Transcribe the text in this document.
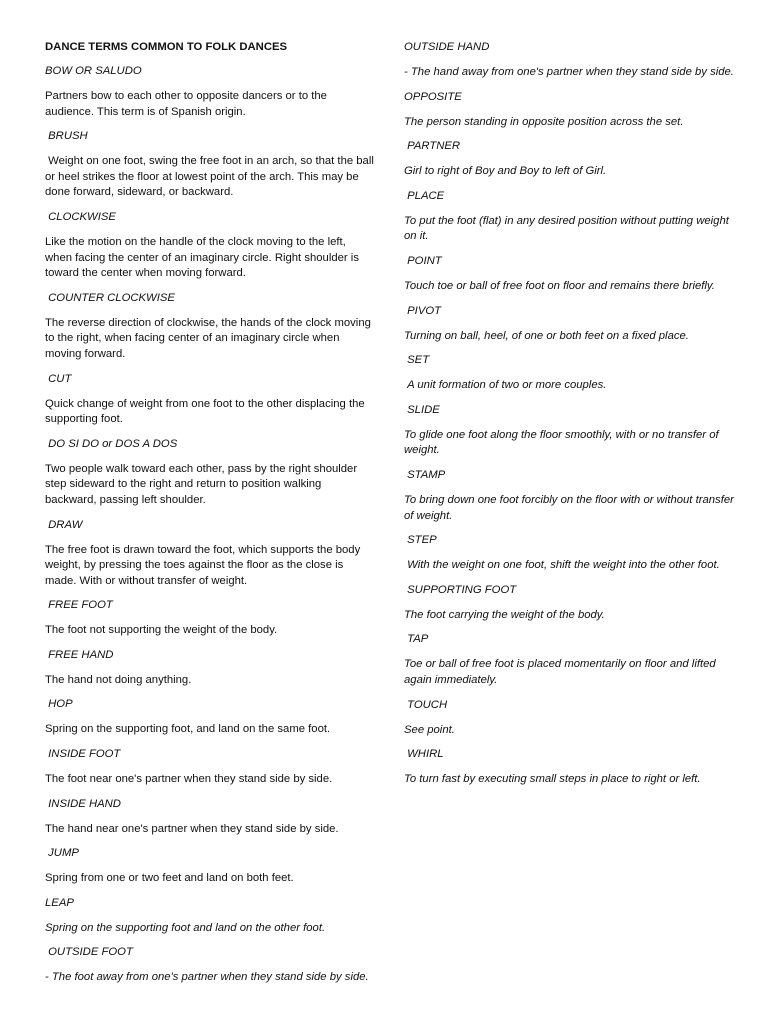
DANCE TERMS COMMON TO FOLK DANCES
BOW OR SALUDO
Partners bow to each other to opposite dancers or to the audience. This term is of Spanish origin.
BRUSH
Weight on one foot, swing the free foot in an arch, so that the ball or heel strikes the floor at lowest point of the arch. This may be done forward, sideward, or backward.
CLOCKWISE
Like the motion on the handle of the clock moving to the left, when facing the center of an imaginary circle. Right shoulder is toward the center when moving forward.
COUNTER CLOCKWISE
The reverse direction of clockwise, the hands of the clock moving to the right, when facing center of an imaginary circle when moving forward.
CUT
Quick change of weight from one foot to the other displacing the supporting foot.
DO SI DO or DOS A DOS
Two people walk toward each other, pass by the right shoulder step sideward to the right and return to position walking backward, passing left shoulder.
DRAW
The free foot is drawn toward the foot, which supports the body weight, by pressing the toes against the floor as the close is made. With or without transfer of weight.
FREE FOOT
The foot not supporting the weight of the body.
FREE HAND
The hand not doing anything.
HOP
Spring on the supporting foot, and land on the same foot.
INSIDE FOOT
The foot near one's partner when they stand side by side.
INSIDE HAND
The hand near one's partner when they stand side by side.
JUMP
Spring from one or two feet and land on both feet.
LEAP
Spring on the supporting foot and land on the other foot.
OUTSIDE FOOT
- The foot away from one's partner when they stand side by side.
OUTSIDE HAND
- The hand away from one's partner when they stand side by side.
OPPOSITE
The person standing in opposite position across the set.
PARTNER
Girl to right of Boy and Boy to left of Girl.
PLACE
To put the foot (flat) in any desired position without putting weight on it.
POINT
Touch toe or ball of free foot on floor and remains there briefly.
PIVOT
Turning on ball, heel, of one or both feet on a fixed place.
SET
A unit formation of two or more couples.
SLIDE
To glide one foot along the floor smoothly, with or no transfer of weight.
STAMP
To bring down one foot forcibly on the floor with or without transfer of weight.
STEP
With the weight on one foot, shift the weight into the other foot.
SUPPORTING FOOT
The foot carrying the weight of the body.
TAP
Toe or ball of free foot is placed momentarily on floor and lifted again immediately.
TOUCH
See point.
WHIRL
To turn fast by executing small steps in place to right or left.
